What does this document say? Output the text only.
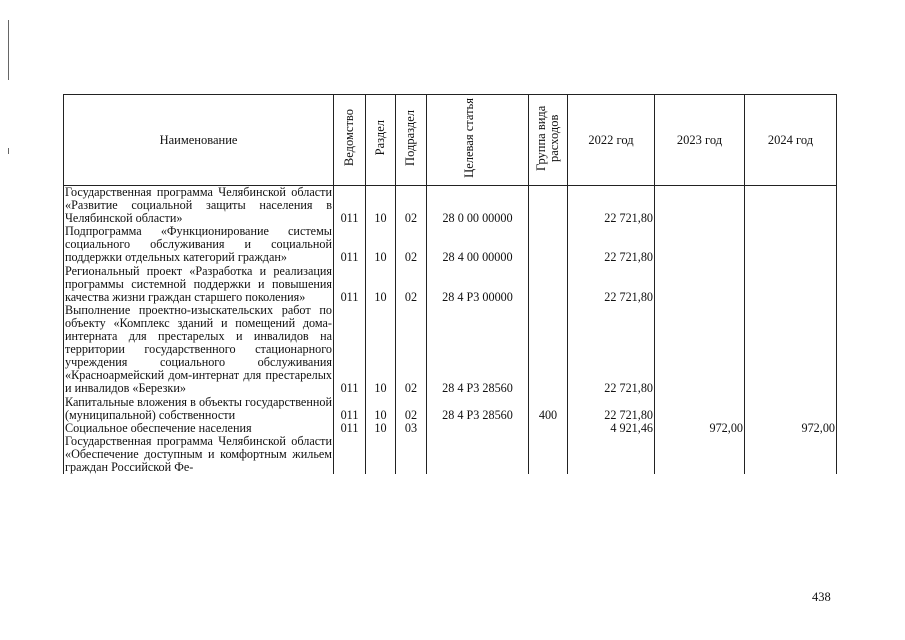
Наименование	Ведомство	Раздел	Подраздел	Целевая статья	Группа вида расходов	2022 год	2023 год	2024 год
Государственная программа Челябинской области «Развитие социальной защиты населения в Челябинской области»	011	10	02	28 0 00 00000		22 721,80		
Подпрограмма «Функционирование системы социального обслуживания и социальной поддержки отдельных категорий граждан»	011	10	02	28 4 00 00000		22 721,80		
Региональный проект «Разработка и реализация программы системной поддержки и повышения качества жизни граждан старшего поколения»	011	10	02	28 4 P3 00000		22 721,80		
Выполнение проектно-изыскательских работ по объекту «Комплекс зданий и помещений дома-интерната для престарелых и инвалидов на территории государственного стационарного учреждения социального обслуживания «Красноармейский дом-интернат для престарелых и инвалидов «Березки»	011	10	02	28 4 P3 28560		22 721,80		
Капитальные вложения в объекты государственной (муниципальной) собственности	011	10	02	28 4 P3 28560	400	22 721,80		
Социальное обеспечение населения	011	10	03			4 921,46	972,00	972,00
Государственная программа Челябинской области «Обеспечение доступным и комфортным жильем граждан Российской Фе-								
438
